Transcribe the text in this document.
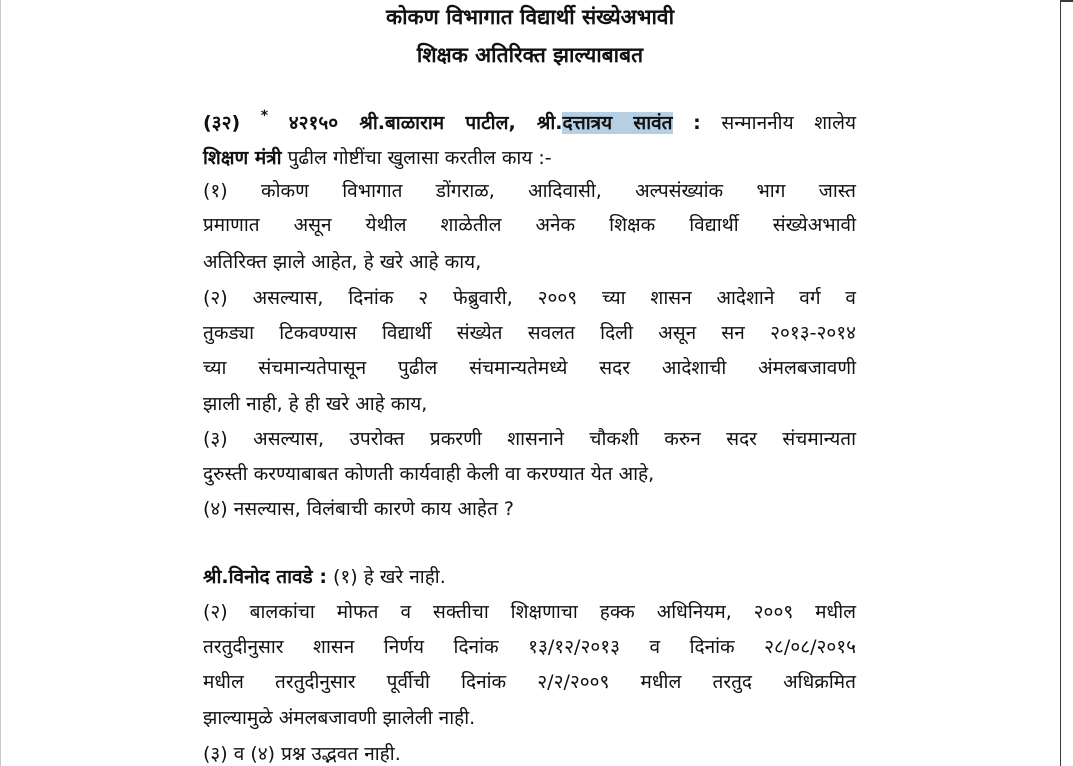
कोकण विभागात विद्यार्थी संख्येअभावी
शिक्षक अतिरिक्त झाल्याबाबत
(३२) * ४२१५० श्री.बाळाराम पाटील, श्री.दत्तात्रय सावंत : सन्माननीय शालेय
शिक्षण मंत्री पुढील गोष्टींचा खुलासा करतील काय :-
(१) कोकण विभागात डोंगराळ, आदिवासी, अल्पसंख्यांक भाग जास्त
प्रमाणात असून येथील शाळेतील अनेक शिक्षक विद्यार्थी संख्येअभावी
अतिरिक्त झाले आहेत, हे खरे आहे काय,
(२) असल्यास, दिनांक २ फेब्रुवारी, २००९ च्या शासन आदेशाने वर्ग व
तुकड्या टिकवण्यास विद्यार्थी संख्येत सवलत दिली असून सन २०१३-२०१४
च्या संचमान्यतेपासून पुढील संचमान्यतेमध्ये सदर आदेशाची अंमलबजावणी
झाली नाही, हे ही खरे आहे काय,
(३) असल्यास, उपरोक्त प्रकरणी शासनाने चौकशी करुन सदर संचमान्यता
दुरुस्ती करण्याबाबत कोणती कार्यवाही केली वा करण्यात येत आहे,
(४) नसल्यास, विलंबाची कारणे काय आहेत ?
श्री.विनोद तावडे : (१) हे खरे नाही.
(२) बालकांचा मोफत व सक्तीचा शिक्षणाचा हक्क अधिनियम, २००९ मधील
तरतुदीनुसार शासन निर्णय दिनांक १३/१२/२०१३ व दिनांक २८/०८/२०१५
मधील तरतुदीनुसार पूर्वीची दिनांक २/२/२००९ मधील तरतुद अधिक्रमित
झाल्यामुळे अंमलबजावणी झालेली नाही.
(३) व (४) प्रश्न उद्भवत नाही.
